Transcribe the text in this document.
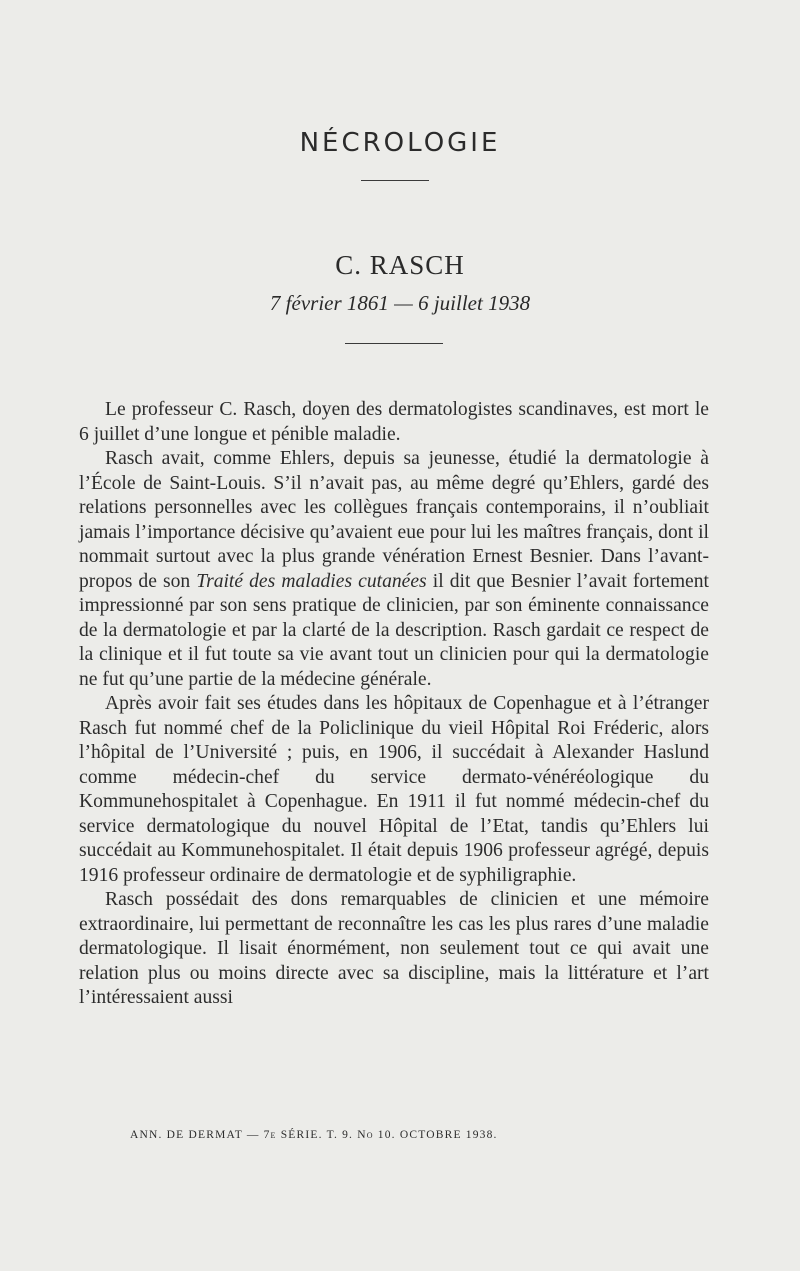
NÉCROLOGIE
C. RASCH
7 février 1861 — 6 juillet 1938

Le professeur C. Rasch, doyen des dermatologistes scandinaves, est mort le 6 juillet d’une longue et pénible maladie.

Rasch avait, comme Ehlers, depuis sa jeunesse, étudié la dermatologie à l’École de Saint-Louis. S’il n’avait pas, au même degré qu’Ehlers, gardé des relations personnelles avec les collègues français contemporains, il n’oubliait jamais l’importance décisive qu’avaient eue pour lui les maîtres français, dont il nommait surtout avec la plus grande vénération Ernest Besnier. Dans l’avant-propos de son Traité des maladies cutanées il dit que Besnier l’avait fortement impressionné par son sens pratique de clinicien, par son éminente connaissance de la dermatologie et par la clarté de la description. Rasch gardait ce respect de la clinique et il fut toute sa vie avant tout un clinicien pour qui la dermatologie ne fut qu’une partie de la médecine générale.

Après avoir fait ses études dans les hôpitaux de Copenhague et à l’étranger Rasch fut nommé chef de la Policlinique du vieil Hôpital Roi Fréderic, alors l’hôpital de l’Université ; puis, en 1906, il succédait à Alexander Haslund comme médecin-chef du service dermato-vénéréologique du Kommunehospitalet à Copenhague. En 1911 il fut nommé médecin-chef du service dermatologique du nouvel Hôpital de l’Etat, tandis qu’Ehlers lui succédait au Kommunehospitalet. Il était depuis 1906 professeur agrégé, depuis 1916 professeur ordinaire de dermatologie et de syphiligraphie.

Rasch possédait des dons remarquables de clinicien et une mémoire extraordinaire, lui permettant de reconnaître les cas les plus rares d’une maladie dermatologique. Il lisait énormément, non seulement tout ce qui avait une relation plus ou moins directe avec sa discipline, mais la littérature et l’art l’intéressaient aussi

ANN. DE DERMAT — 7e SÉRIE. T. 9. No 10. OCTOBRE 1938.
